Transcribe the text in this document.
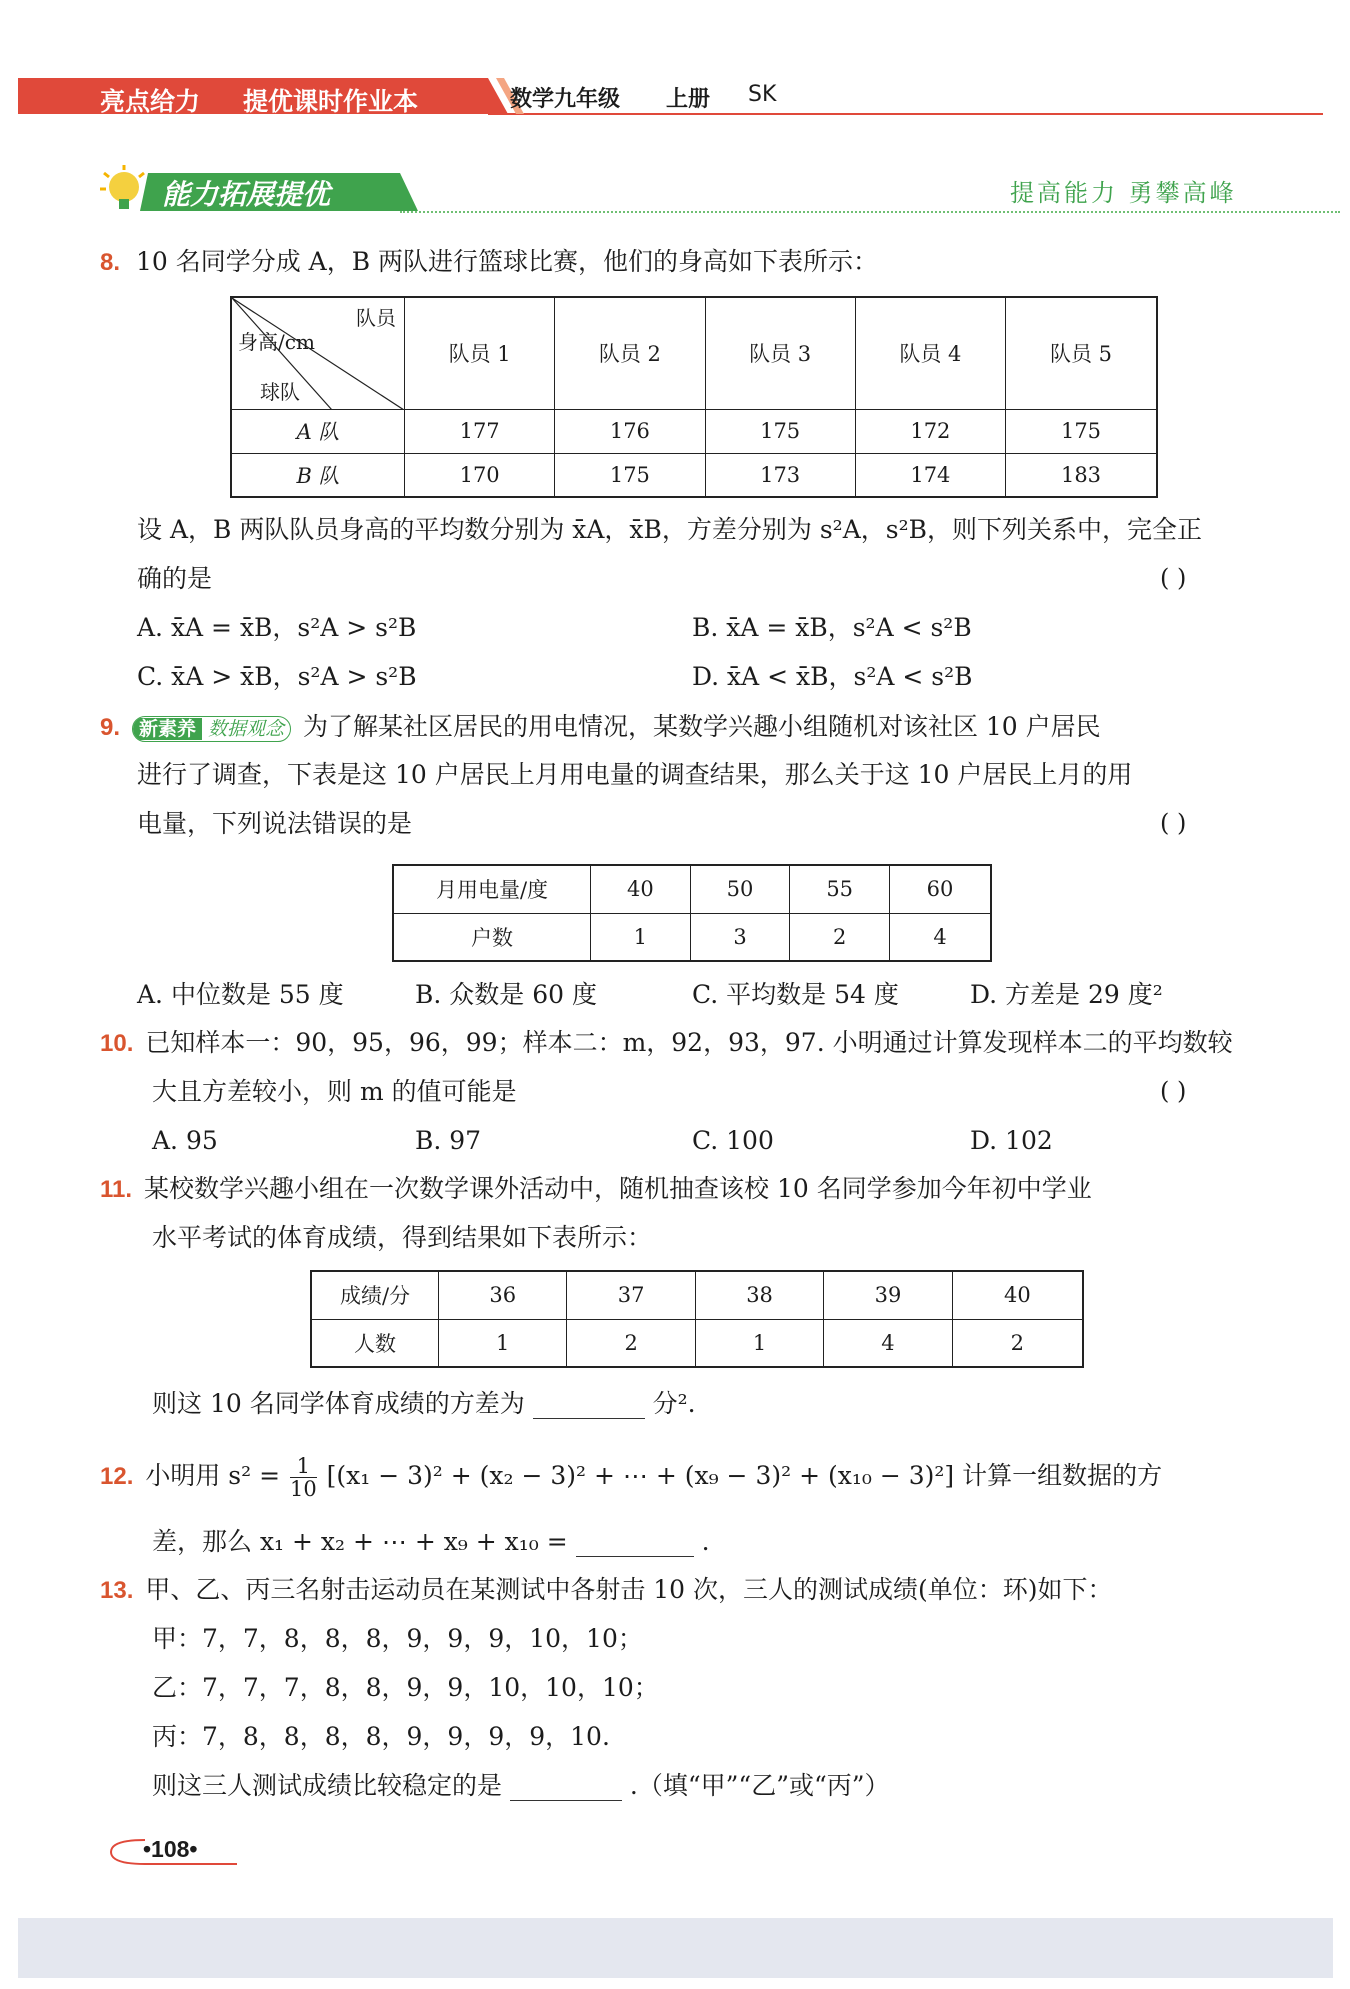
亮点给力 提优课时作业本	数学九年级 上册 SK
能力拓展提优	提高能力 勇攀高峰
8. 10 名同学分成 A，B 两队进行篮球比赛，他们的身高如下表所示：
队员
身高/cm
球队	队员 1	队员 2	队员 3	队员 4	队员 5
A 队	177	176	175	172	175
B 队	170	175	173	174	183
设 A，B 两队队员身高的平均数分别为 x̄A，x̄B，方差分别为 s²A，s²B，则下列关系中，完全正
确的是	( )
A. x̄A = x̄B，s²A > s²B	B. x̄A = x̄B，s²A < s²B
C. x̄A > x̄B，s²A > s²B	D. x̄A < x̄B，s²A < s²B
9. 新素养 数据观念 为了解某社区居民的用电情况，某数学兴趣小组随机对该社区 10 户居民
进行了调查，下表是这 10 户居民上月用电量的调查结果，那么关于这 10 户居民上月的用
电量，下列说法错误的是	( )
月用电量/度	40	50	55	60
户数	1	3	2	4
A. 中位数是 55 度	B. 众数是 60 度	C. 平均数是 54 度	D. 方差是 29 度²
10. 已知样本一：90，95，96，99；样本二：m，92，93，97. 小明通过计算发现样本二的平均数较
大且方差较小，则 m 的值可能是	( )
A. 95	B. 97	C. 100	D. 102
11. 某校数学兴趣小组在一次数学课外活动中，随机抽查该校 10 名同学参加今年初中学业
水平考试的体育成绩，得到结果如下表所示：
成绩/分	36	37	38	39	40
人数	1	2	1	4	2
则这 10 名同学体育成绩的方差为	分².
12. 小明用 $s^2 = \frac{1}{10} [(x_1 - 3)^2 + (x_2 - 3)^2$ + ⋯ + (x₉ − 3)² + (x₁₀ − 3)²] 计算一组数据的方
差，那么 x₁ + x₂ + ⋯ + x₉ + x₁₀ =	.
13. 甲、乙、丙三名射击运动员在某测试中各射击 10 次，三人的测试成绩(单位：环)如下：
甲：7，7，8，8，8，9，9，9，10，10；
乙：7，7，7，8，8，9，9，10，10，10；
丙：7，8，8，8，8，9，9，9，9，10.
则这三人测试成绩比较稳定的是	.（填“甲”“乙”或“丙”）
•108•
